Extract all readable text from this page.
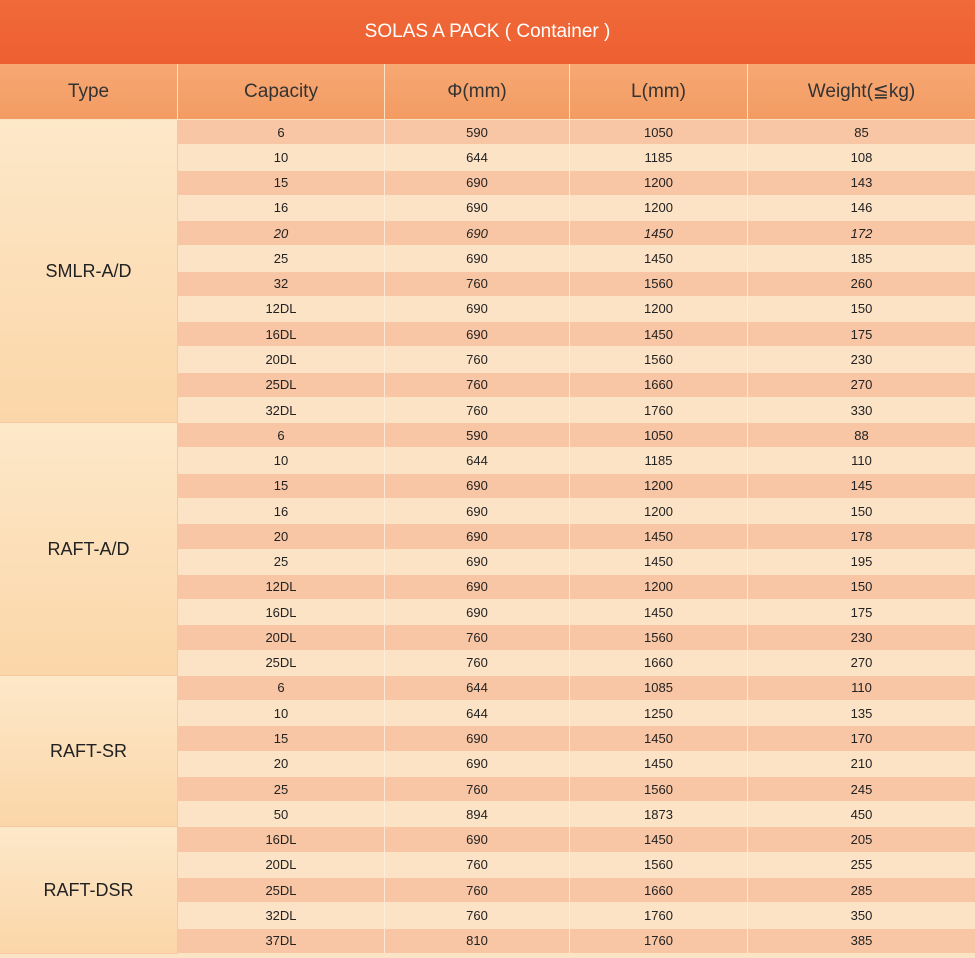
SOLAS A PACK ( Container )
Type	Capacity	Φ(mm)	L(mm)	Weight(≦kg)
SMLR-A/D
6	590	1050	85
10	644	1185	108
15	690	1200	143
16	690	1200	146
20	690	1450	172
25	690	1450	185
32	760	1560	260
12DL	690	1200	150
16DL	690	1450	175
20DL	760	1560	230
25DL	760	1660	270
32DL	760	1760	330
RAFT-A/D
6	590	1050	88
10	644	1185	110
15	690	1200	145
16	690	1200	150
20	690	1450	178
25	690	1450	195
12DL	690	1200	150
16DL	690	1450	175
20DL	760	1560	230
25DL	760	1660	270
RAFT-SR
6	644	1085	110
10	644	1250	135
15	690	1450	170
20	690	1450	210
25	760	1560	245
50	894	1873	450
RAFT-DSR
16DL	690	1450	205
20DL	760	1560	255
25DL	760	1660	285
32DL	760	1760	350
37DL	810	1760	385
